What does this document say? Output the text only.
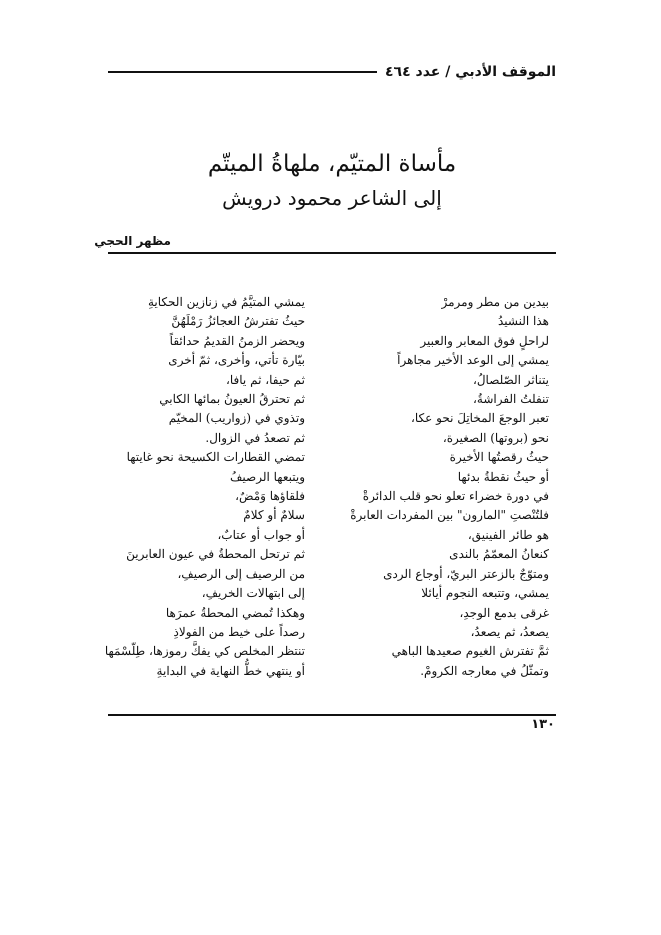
الموقف الأدبي / عدد ٤٦٤
مأساة المتيّم، ملهاةُ الميتّم
إلى الشاعر محمود درويش
مظهر الحجي
بيدين من مطر ومرمرْ
هذا النشيدُ
لراحلٍ فوق المعابر والعبير
يمشي إلى الوعد الأخير مجاهراً
يتناثر الصّلصالُ،
تنفلتُ الفراشةُ،
تعبر الوجعَ المخاتِلَ نحو عكا،
نحو (بروتها) الصغيرة،
حيثُ رقصتُها الأخيرة
أو حيثُ نقطةُ بدئها
في دورة خضراء تعلو نحو قلب الدائرةْ
فلتُنْصتِ "المارون" بين المفردات العابرةْ
هو طائر الفينيق،
كنعانُ المعمّمُ بالندى
ومتوّجٌ بالزعتر البريّ، أوجاع الردى
يمشي، وتتبعه النجوم أيائلا
غرقى بدمع الوجدِ،
يصعدُ، ثم يصعدُ،
ثمَّ تفترش الغيوم صعيدها الباهي
وتمثّلُ في معارجه الكرومْ.
يمشي المتيَّمُ في زنازين الحكايةِ
حيثُ تفترشُ العجائزُ رَمْلَهُنَّ
ويحضر الزمنُ القديمُ حدائقاً
بيّارة تأتي، وأخرى، ثمّ أخرى
ثم حيفا، ثم يافا،
ثم تحترقُ العيونُ بمائها الكابي
وتذوي في (زواريب) المخيّم
ثم تصعدُ في الزوال.
تمضي القطارات الكسيحة نحو غايتها
ويتبعها الرصيفُ
فلقاؤها وَمْضٌ،
سلامٌ أو كلامٌ
أو جواب أو عتابٌ،
ثم ترتحل المحطةُ في عيون العابرينَ
من الرصيف إلى الرصيفِ،
إلى ابتهالات الخريفِ،
وهكذا تُمضي المحطةُ عمرَها
رصداً على خيط من الفولاذِ
تنتظر المخلص كي يفكَّ رموزها، طِلّسْمَها
أو ينتهي خطُّ النهاية في البدايةِ
١٣٠
